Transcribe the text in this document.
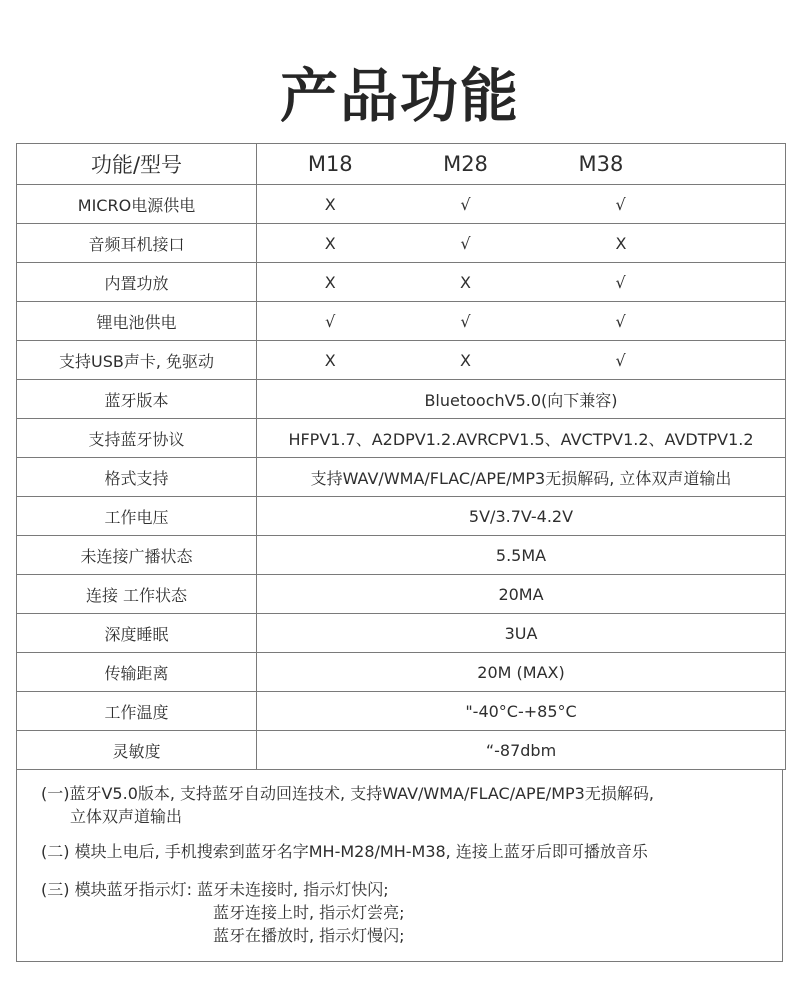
产品功能
功能/型号	M18	M28	M38
MICRO电源供电	X	√	√
音频耳机接口	X	√	X
内置功放	X	X	√
锂电池供电	√	√	√
支持USB声卡, 免驱动	X	X	√
蓝牙版本	BluetoochV5.0(向下兼容)		
支持蓝牙协议	HFPV1.7、A2DPV1.2.AVRCPV1.5、AVCTPV1.2、AVDTPV1.2		
格式支持	支持WAV/WMA/FLAC/APE/MP3无损解码, 立体双声道输出		
工作电压	5V/3.7V-4.2V		
未连接广播状态	5.5MA		
连接 工作状态	20MA		
深度睡眠	3UA		
传输距离	20M (MAX)		
工作温度	"-40°C-+85°C		
灵敏度	“-87dbm		
(一)蓝牙V5.0版本, 支持蓝牙自动回连技术, 支持WAV/WMA/FLAC/APE/MP3无损解码,
立体双声道输出
(二) 模块上电后, 手机搜索到蓝牙名字MH-M28/MH-M38, 连接上蓝牙后即可播放音乐
(三) 模块蓝牙指示灯: 蓝牙未连接时, 指示灯快闪;
蓝牙连接上时, 指示灯尝亮;
蓝牙在播放时, 指示灯慢闪;
